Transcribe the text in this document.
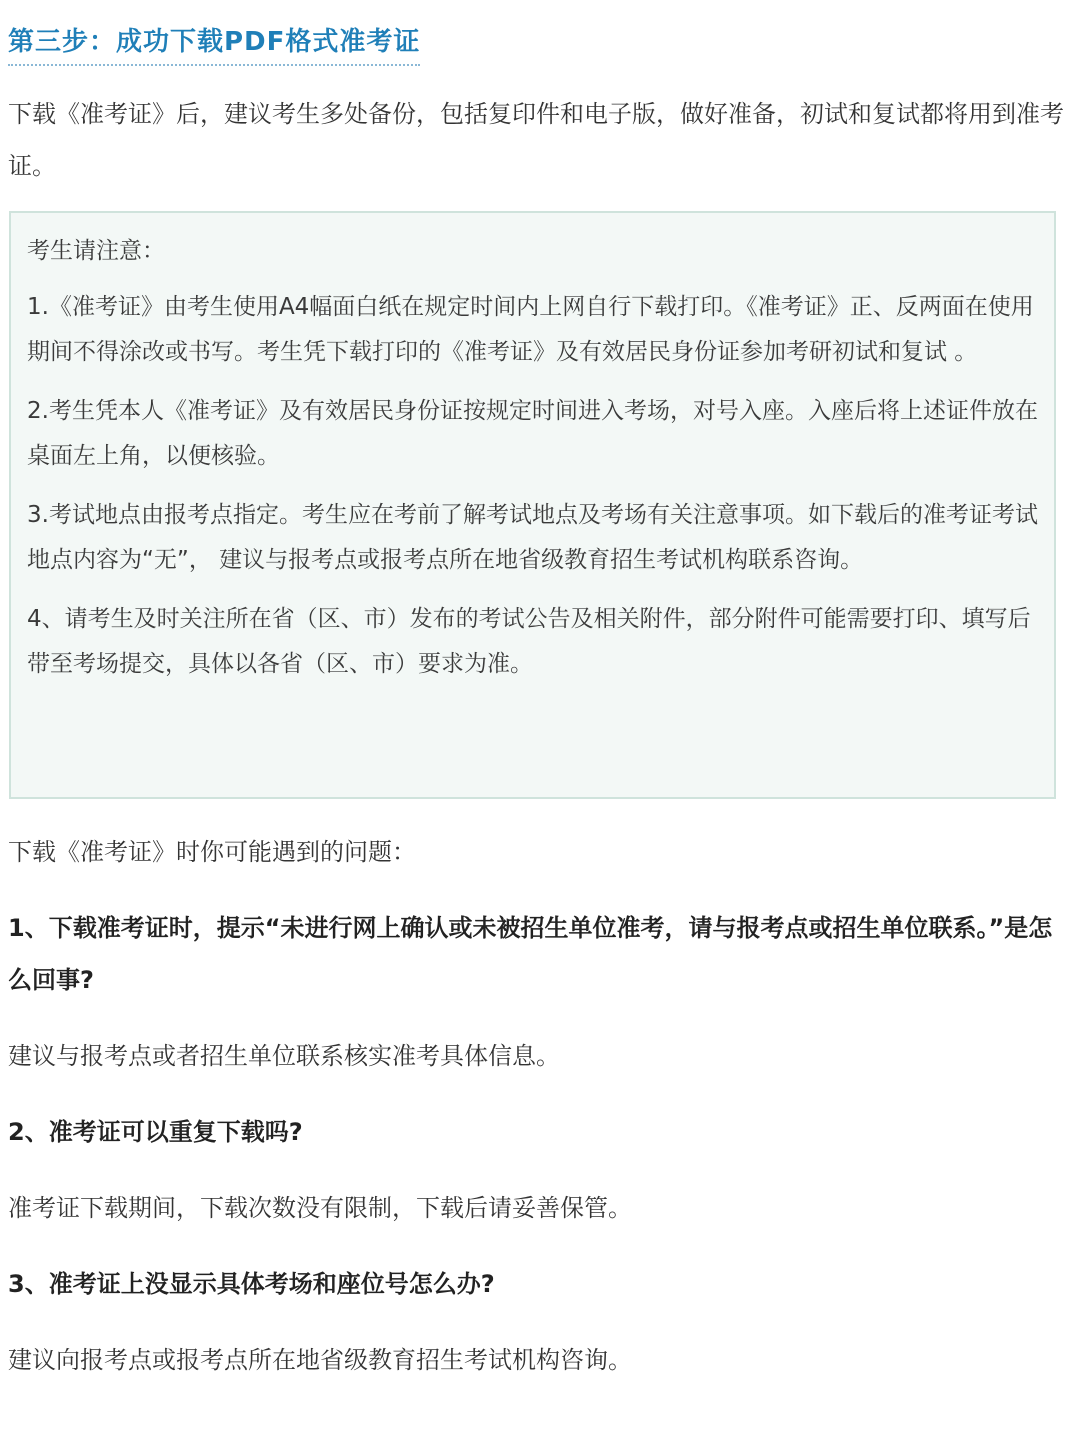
第三步：成功下载PDF格式准考证
下载《准考证》后，建议考生多处备份，包括复印件和电子版，做好准备，初试和复试都将用到准考证。
考生请注意：
1.《准考证》由考生使用A4幅面白纸在规定时间内上网自行下载打印。《准考证》正、反两面在使用期间不得涂改或书写。考生凭下载打印的《准考证》及有效居民身份证参加考研初试和复试 。
2.考生凭本人《准考证》及有效居民身份证按规定时间进入考场，对号入座。入座后将上述证件放在桌面左上角，以便核验。
3.考试地点由报考点指定。考生应在考前了解考试地点及考场有关注意事项。如下载后的准考证考试地点内容为“无”， 建议与报考点或报考点所在地省级教育招生考试机构联系咨询。
4、请考生及时关注所在省（区、市）发布的考试公告及相关附件，部分附件可能需要打印、填写后带至考场提交，具体以各省（区、市）要求为准。
下载《准考证》时你可能遇到的问题：
1、下载准考证时，提示“未进行网上确认或未被招生单位准考，请与报考点或招生单位联系。”是怎么回事?
建议与报考点或者招生单位联系核实准考具体信息。
2、准考证可以重复下载吗?
准考证下载期间，下载次数没有限制，下载后请妥善保管。
3、准考证上没显示具体考场和座位号怎么办?
建议向报考点或报考点所在地省级教育招生考试机构咨询。
